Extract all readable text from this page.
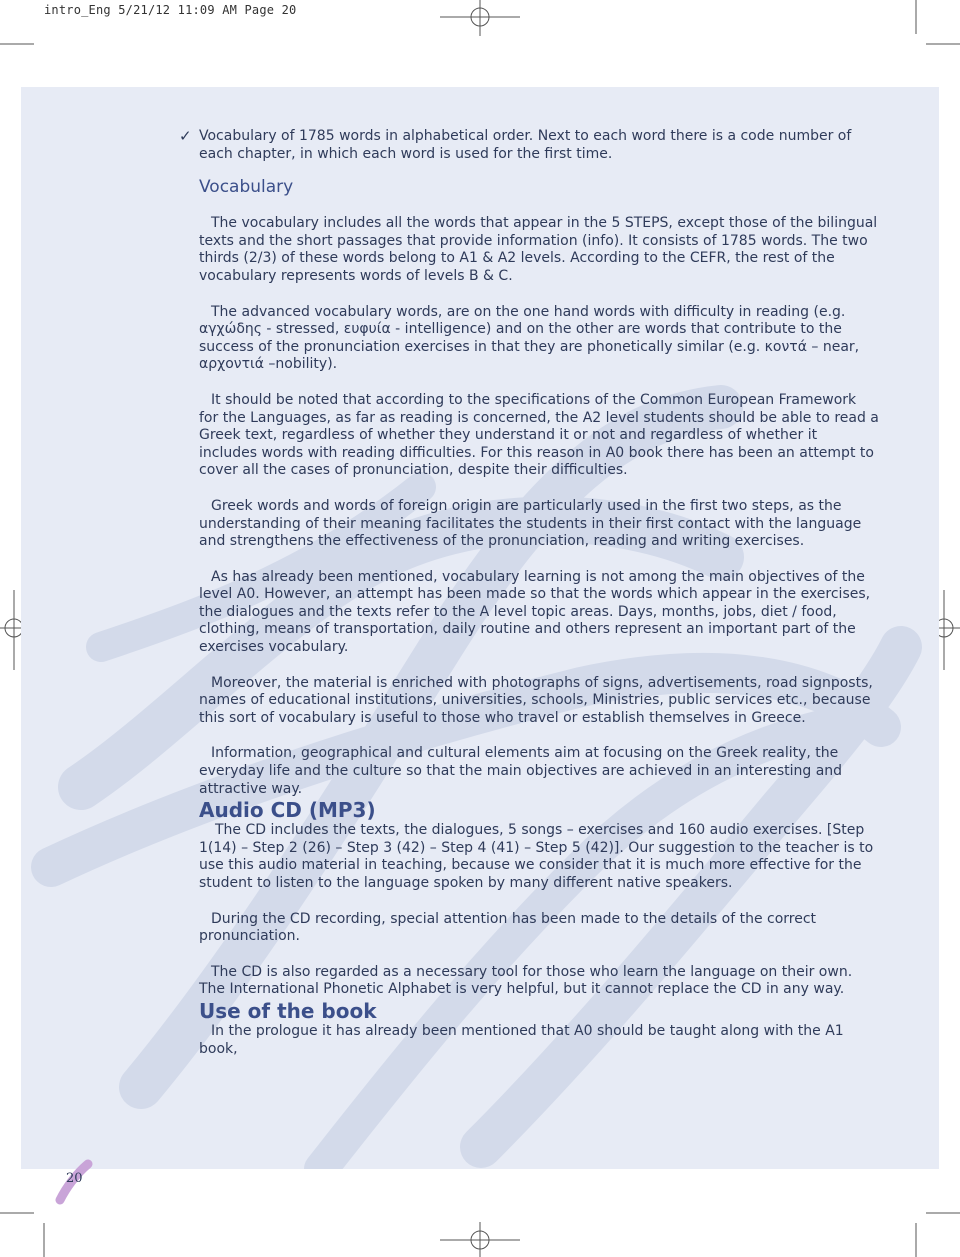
intro_Eng 5/21/12 11:09 AM Page 20
✓ Vocabulary of 1785 words in alphabetical order. Next to each word there is a code number of each chapter, in which each word is used for the first time.
Vocabulary

The vocabulary includes all the words that appear in the 5 STEPS, except those of the bilingual texts and the short passages that provide information (info). It consists of 1785 words. The two thirds (2/3) of these words belong to A1 & A2 levels. According to the CEFR, the rest of the vocabulary represents words of levels B & C.

The advanced vocabulary words, are on the one hand words with difficulty in reading (e.g. αγχώδης - stressed, ευφυία - intelligence) and on the other are words that contribute to the success of the pronunciation exercises in that they are phonetically similar (e.g. κοντά – near, αρχοντιά –nobility).

It should be noted that according to the specifications of the Common European Framework for the Languages, as far as reading is concerned, the A2 level students should be able to read a Greek text, regardless of whether they understand it or not and regardless of whether it includes words with reading difficulties. For this reason in A0 book there has been an attempt to cover all the cases of pronunciation, despite their difficulties.

Greek words and words of foreign origin are particularly used in the first two steps, as the understanding of their meaning facilitates the students in their first contact with the language and strengthens the effectiveness of the pronunciation, reading and writing exercises.

As has already been mentioned, vocabulary learning is not among the main objectives of the level A0. However, an attempt has been made so that the words which appear in the exercises, the dialogues and the texts refer to the A level topic areas. Days, months, jobs, diet / food, clothing, means of transportation, daily routine and others represent an important part of the exercises vocabulary.

Moreover, the material is enriched with photographs of signs, advertisements, road signposts, names of educational institutions, universities, schools, Ministries, public services etc., because this sort of vocabulary is useful to those who travel or establish themselves in Greece.

Information, geographical and cultural elements aim at focusing on the Greek reality, the everyday life and the culture so that the main objectives are achieved in an interesting and attractive way.

Audio CD (MP3)

The CD includes the texts, the dialogues, 5 songs – exercises and 160 audio exercises. [Step 1(14) – Step 2 (26) – Step 3 (42) – Step 4 (41) – Step 5 (42)]. Our suggestion to the teacher is to use this audio material in teaching, because we consider that it is much more effective for the student to listen to the language spoken by many different native speakers.

During the CD recording, special attention has been made to the details of the correct pronunciation.

The CD is also regarded as a necessary tool for those who learn the language on their own.

The International Phonetic Alphabet is very helpful, but it cannot replace the CD in any way.

Use of the book

In the prologue it has already been mentioned that A0 should be taught along with the A1 book,

20
